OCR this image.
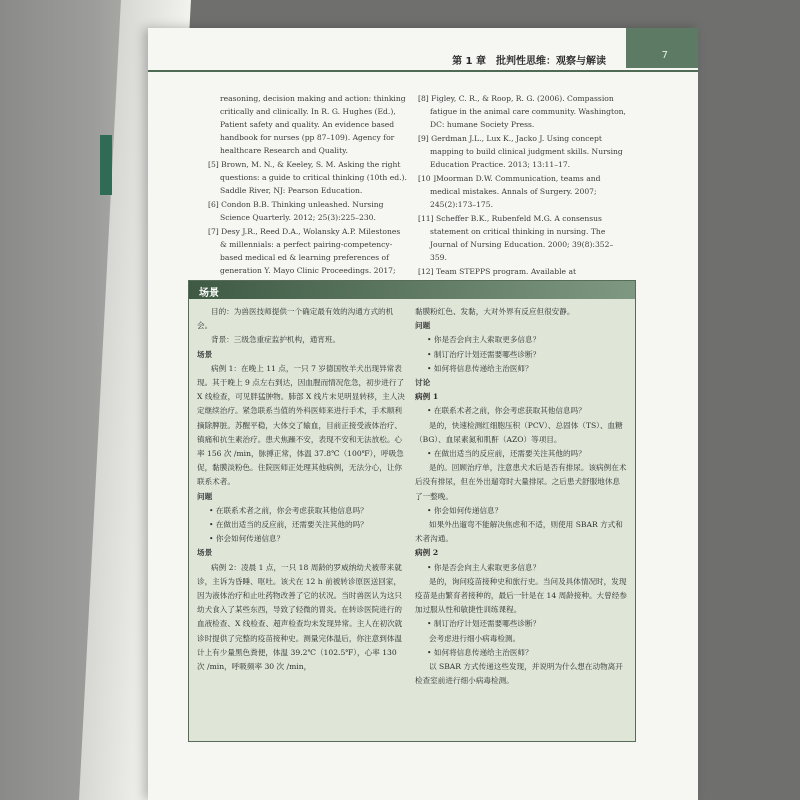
7
第 1 章　批判性思维：观察与解读

reasoning, decision making and action: thinking critically and clinically. In R. G. Hughes (Ed.), Patient safety and quality. An evidence based handbook for nurses (pp 87–109). Agency for healthcare Research and Quality.

[5] Brown, M. N., & Keeley, S. M. Asking the right questions: a guide to critical thinking (10th ed.). Saddle River, NJ: Pearson Education.

[6] Condon B.B. Thinking unleashed. Nursing Science Quarterly. 2012; 25(3):225–230.

[7] Desy J.R., Reed D.A., Wolansky A.P. Milestones & millennials: a perfect pairing-competency-based medical ed & learning preferences of generation Y. Mayo Clinic Proceedings. 2017;

[8] Figley, C. R., & Roop, R. G. (2006). Compassion fatigue in the animal care community. Washington, DC: humane Society Press.

[9] Gerdman J.L., Lux K., Jacko J. Using concept mapping to build clinical judgment skills. Nursing Education Practice. 2013; 13:11–17.

[10 ]Moorman D.W. Communication, teams and medical mistakes. Annals of Surgery. 2007; 245(2):173–175.

[11] Scheffer B.K., Rubenfeld M.G. A consensus statement on critical thinking in nursing. The Journal of Nursing Education. 2000; 39(8):352–359.

[12] Team STEPPS program. Available at

场景

目的：为兽医技师提供一个确定最有效的沟通方式的机会。

背景：三级急重症监护机构，通宵班。

场景

病例 1：在晚上 11 点，一只 7 岁德国牧羊犬出现异常表现。其于晚上 9 点左右到达，因血腥而情况危急，初步进行了 X 线检查，可见胖猛肿物。肺部 X 线片未见明显转移，主人决定继续治疗。紧急联系当值的外科医师来进行手术，手术顺利摘除脾脏。苏醒平稳，大体交了输血，目前正接受液体治疗、镇痛和抗生素治疗。患犬焦躁不安，表现不安和无法放松。心率 156 次 /min，脉搏正常，体温 37.8℃（100℉），呼吸急促，黏膜淡粉色。住院医师正处理其他病例，无法分心，让你联系术者。

问题

• 在联系术者之前，你会考虑获取其他信息吗？

• 在做出适当的反应前，还需要关注其他的吗？

• 你会如何传递信息？

场景

病例 2：凌晨 1 点，一只 18 周龄的罗威纳幼犬被带来就诊，主诉为昏睡、呕吐。该犬在 12 h 前被转诊原医送回家，因为液体治疗和止吐药物改善了它的状况。当时兽医认为这只幼犬食入了某些东西，导致了轻微的胃炎。在转诊医院进行的血液检查、X 线检查、超声检查均未发现异常。主人在初次就诊时提供了完整的疫苗接种史。测量完体温后，你注意到体温计上有少量黑色粪便，体温 39.2℃（102.5℉），心率 130 次 /min，呼吸频率 30 次 /min，

黏膜粉红色、发黏，大对外界有反应但很安静。

问题

• 你是否会向主人索取更多信息？

• 制订治疗计划还需要哪些诊断？

• 如何将信息传递给主治医师？

讨论

病例 1

• 在联系术者之前，你会考虑获取其他信息吗？

是的，快速检测红细胞压积（PCV）、总固体（TS）、血糖（BG）、血尿素氮和肌酐（AZO）等项目。

• 在做出适当的反应前，还需要关注其他的吗？

是的。回顾治疗单，注意患犬术后是否有排尿。该病例在术后没有排尿，但在外出遛弯时大量排尿。之后患犬舒服地休息了一整晚。

• 你会如何传递信息？

如果外出遛弯不能解决焦虑和不适，则使用 SBAR 方式和术者沟通。

病例 2

• 你是否会向主人索取更多信息？

是的，询问疫苗接种史和旅行史。当问及具体情况时，发现疫苗是由繁育者接种的，最后一针是在 14 周龄接种。大曾经参加过服从性和敏捷性训练课程。

• 制订治疗计划还需要哪些诊断？

会考虑进行细小病毒检测。

• 如何将信息传递给主治医师？

以 SBAR 方式传递这些发现，并说明为什么想在动物离开检查室前进行细小病毒检测。
